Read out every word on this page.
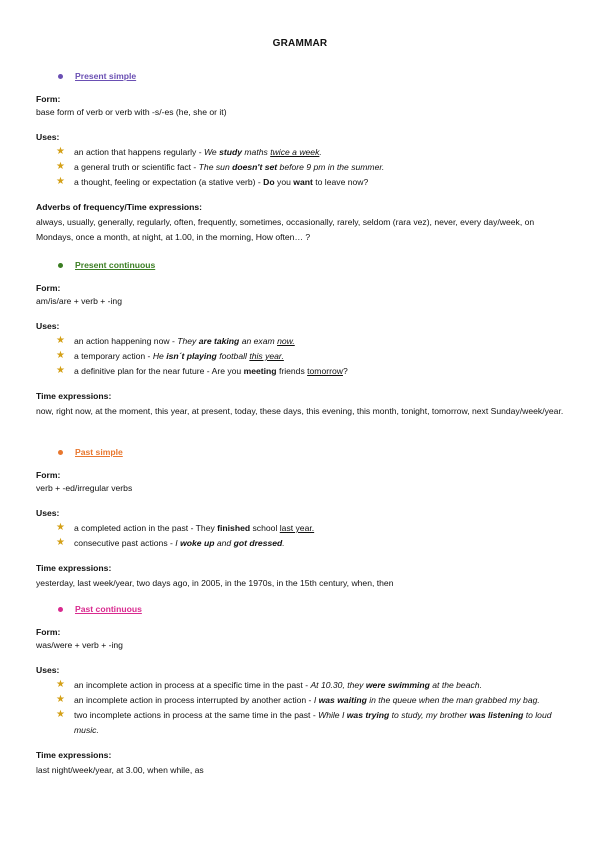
GRAMMAR
Present simple
Form:
base form of verb or verb with -s/-es (he, she or it)
Uses:
★	an action that happens regularly - We study maths twice a week.
★	a general truth or scientific fact - The sun doesn't set before 9 pm in the summer.
★	a thought, feeling or expectation (a stative verb) - Do you want to leave now?
Adverbs of frequency/Time expressions:
always, usually, generally, regularly, often, frequently, sometimes, occasionally, rarely, seldom (rara vez), never, every day/week, on Mondays, once a month, at night, at 1.00, in the morning, How often… ?
Present continuous
Form:
am/is/are + verb + -ing
Uses:
★	an action happening now - They are taking an exam now.
★	a temporary action - He isn´t playing football this year.
★	a definitive plan for the near future - Are you meeting friends tomorrow?
Time expressions:
now, right now, at the moment, this year, at present, today, these days, this evening, this month, tonight, tomorrow, next Sunday/week/year.
Past simple
Form:
verb + -ed/irregular verbs
Uses:
★	a completed action in the past - They finished school last year.
★	consecutive past actions - I woke up and got dressed.
Time expressions:
yesterday, last week/year, two days ago, in 2005, in the 1970s, in the 15th century, when, then
Past continuous
Form:
was/were + verb + -ing
Uses:
★	an incomplete action in process at a specific time in the past - At 10.30, they were swimming at the beach.
★	an incomplete action in process interrupted by another action - I was waiting in the queue when the man grabbed my bag.
★	two incomplete actions in process at the same time in the past - While I was trying to study, my brother was listening to loud music.
Time expressions:
last night/week/year, at 3.00, when while, as
